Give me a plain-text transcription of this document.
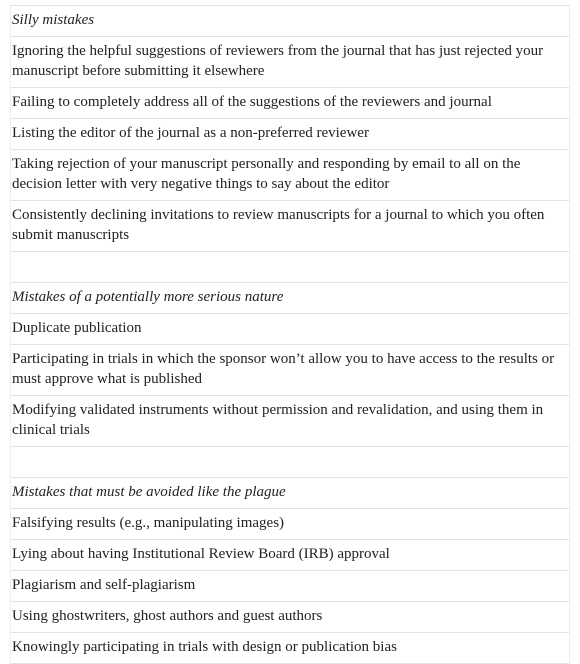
Silly mistakes
Ignoring the helpful suggestions of reviewers from the journal that has just rejected your manuscript before submitting it elsewhere
Failing to completely address all of the suggestions of the reviewers and journal
Listing the editor of the journal as a non-preferred reviewer
Taking rejection of your manuscript personally and responding by email to all on the decision letter with very negative things to say about the editor
Consistently declining invitations to review manuscripts for a journal to which you often submit manuscripts
Mistakes of a potentially more serious nature
Duplicate publication
Participating in trials in which the sponsor won’t allow you to have access to the results or must approve what is published
Modifying validated instruments without permission and revalidation, and using them in clinical trials
Mistakes that must be avoided like the plague
Falsifying results (e.g., manipulating images)
Lying about having Institutional Review Board (IRB) approval
Plagiarism and self-plagiarism
Using ghostwriters, ghost authors and guest authors
Knowingly participating in trials with design or publication bias
